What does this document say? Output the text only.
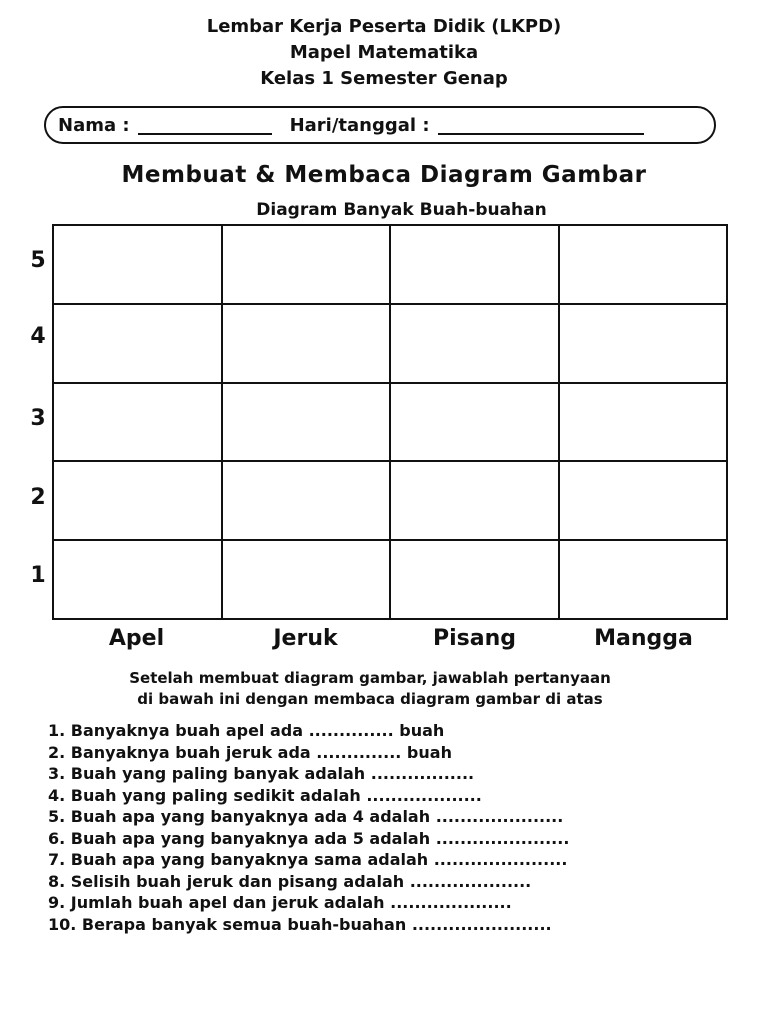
Lembar Kerja Peserta Didik (LKPD)
Mapel Matematika
Kelas 1 Semester Genap
Nama :	Hari/tanggal :
Membuat & Membaca Diagram Gambar
Diagram Banyak Buah-buahan
5
4
3
2
1
Apel	Jeruk	Pisang	Mangga
Setelah membuat diagram gambar, jawablah pertanyaan
di bawah ini dengan membaca diagram gambar di atas
1. Banyaknya buah apel ada .............. buah
2. Banyaknya buah jeruk ada .............. buah
3. Buah yang paling banyak adalah .................
4. Buah yang paling sedikit adalah ...................
5. Buah apa yang banyaknya ada 4 adalah .....................
6. Buah apa yang banyaknya ada 5 adalah ......................
7. Buah apa yang banyaknya sama adalah ......................
8. Selisih buah jeruk dan pisang adalah ....................
9. Jumlah buah apel dan jeruk adalah ....................
10. Berapa banyak semua buah-buahan .......................
